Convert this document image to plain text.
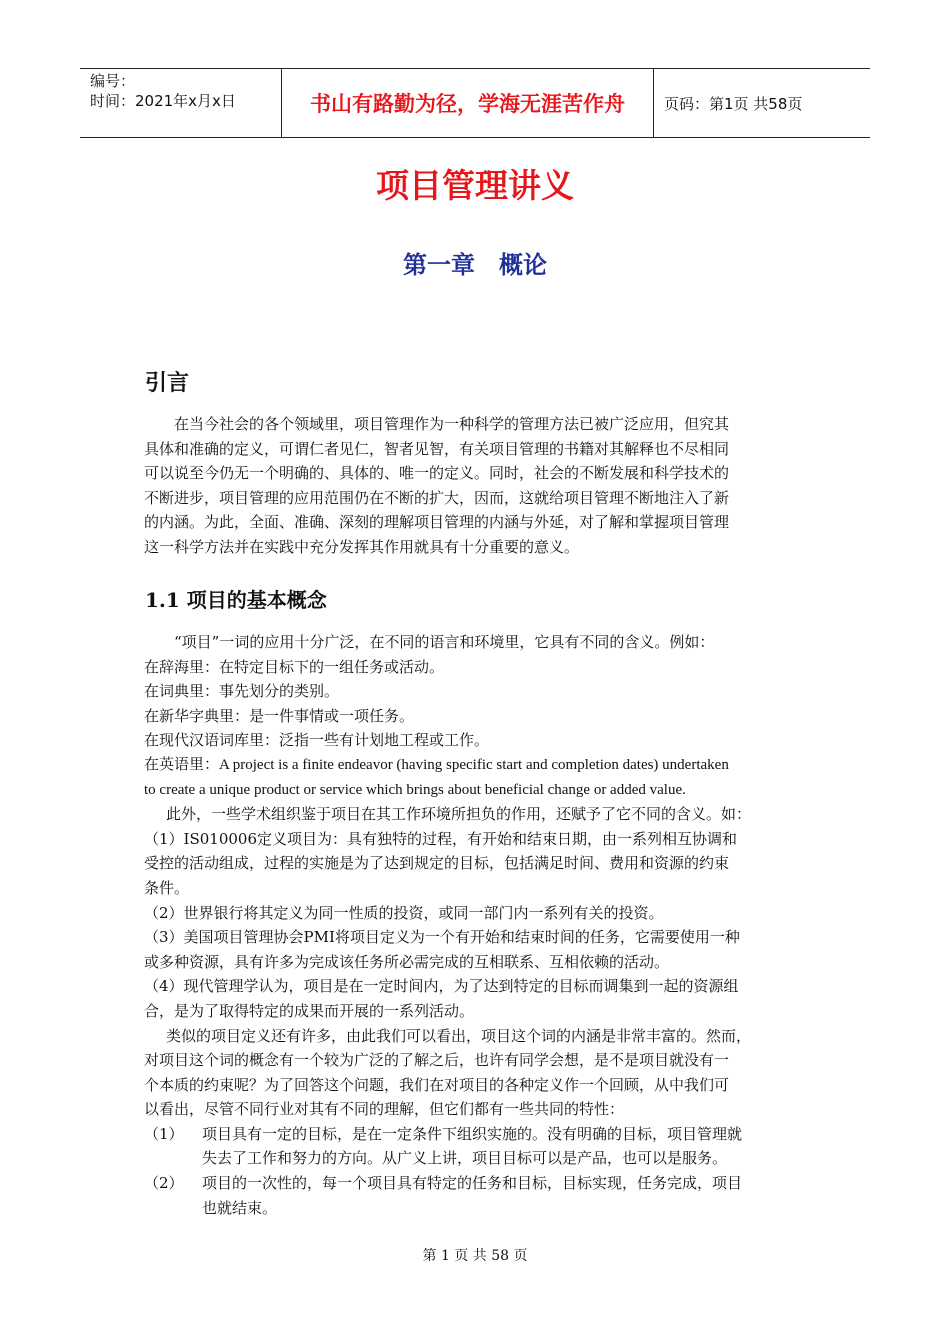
编号：
时间：2021年x月x日	书山有路勤为径，学海无涯苦作舟	页码：第1页 共58页
项目管理讲义
第一章　概论
引言
在当今社会的各个领域里，项目管理作为一种科学的管理方法已被广泛应用，但究其
具体和准确的定义，可谓仁者见仁，智者见智，有关项目管理的书籍对其解释也不尽相同
可以说至今仍无一个明确的、具体的、唯一的定义。同时，社会的不断发展和科学技术的
不断进步，项目管理的应用范围仍在不断的扩大，因而，这就给项目管理不断地注入了新
的内涵。为此，全面、准确、深刻的理解项目管理的内涵与外延，对了解和掌握项目管理
这一科学方法并在实践中充分发挥其作用就具有十分重要的意义。
1.1 项目的基本概念
“项目”一词的应用十分广泛，在不同的语言和环境里，它具有不同的含义。例如：
在辞海里：在特定目标下的一组任务或活动。
在词典里：事先划分的类别。
在新华字典里：是一件事情或一项任务。
在现代汉语词库里：泛指一些有计划地工程或工作。
在英语里：A project is a finite endeavor (having specific start and completion dates) undertaken
to create a unique product or service which brings about beneficial change or added value.
此外，一些学术组织鉴于项目在其工作环境所担负的作用，还赋予了它不同的含义。如：
（1）IS010006定义项目为：具有独特的过程，有开始和结束日期，由一系列相互协调和
受控的活动组成，过程的实施是为了达到规定的目标，包括满足时间、费用和资源的约束
条件。
（2）世界银行将其定义为同一性质的投资，或同一部门内一系列有关的投资。
（3）美国项目管理协会PMI将项目定义为一个有开始和结束时间的任务，它需要使用一种
或多种资源，具有许多为完成该任务所必需完成的互相联系、互相依赖的活动。
（4）现代管理学认为，项目是在一定时间内，为了达到特定的目标而调集到一起的资源组
合，是为了取得特定的成果而开展的一系列活动。
类似的项目定义还有许多，由此我们可以看出，项目这个词的内涵是非常丰富的。然而，
对项目这个词的概念有一个较为广泛的了解之后，也许有同学会想，是不是项目就没有一
个本质的约束呢？为了回答这个问题，我们在对项目的各种定义作一个回顾，从中我们可
以看出，尽管不同行业对其有不同的理解，但它们都有一些共同的特性：
（1）	项目具有一定的目标，是在一定条件下组织实施的。没有明确的目标，项目管理就
失去了工作和努力的方向。从广义上讲，项目目标可以是产品，也可以是服务。
（2）	项目的一次性的，每一个项目具有特定的任务和目标，目标实现，任务完成，项目
也就结束。
第 1 页 共 58 页
